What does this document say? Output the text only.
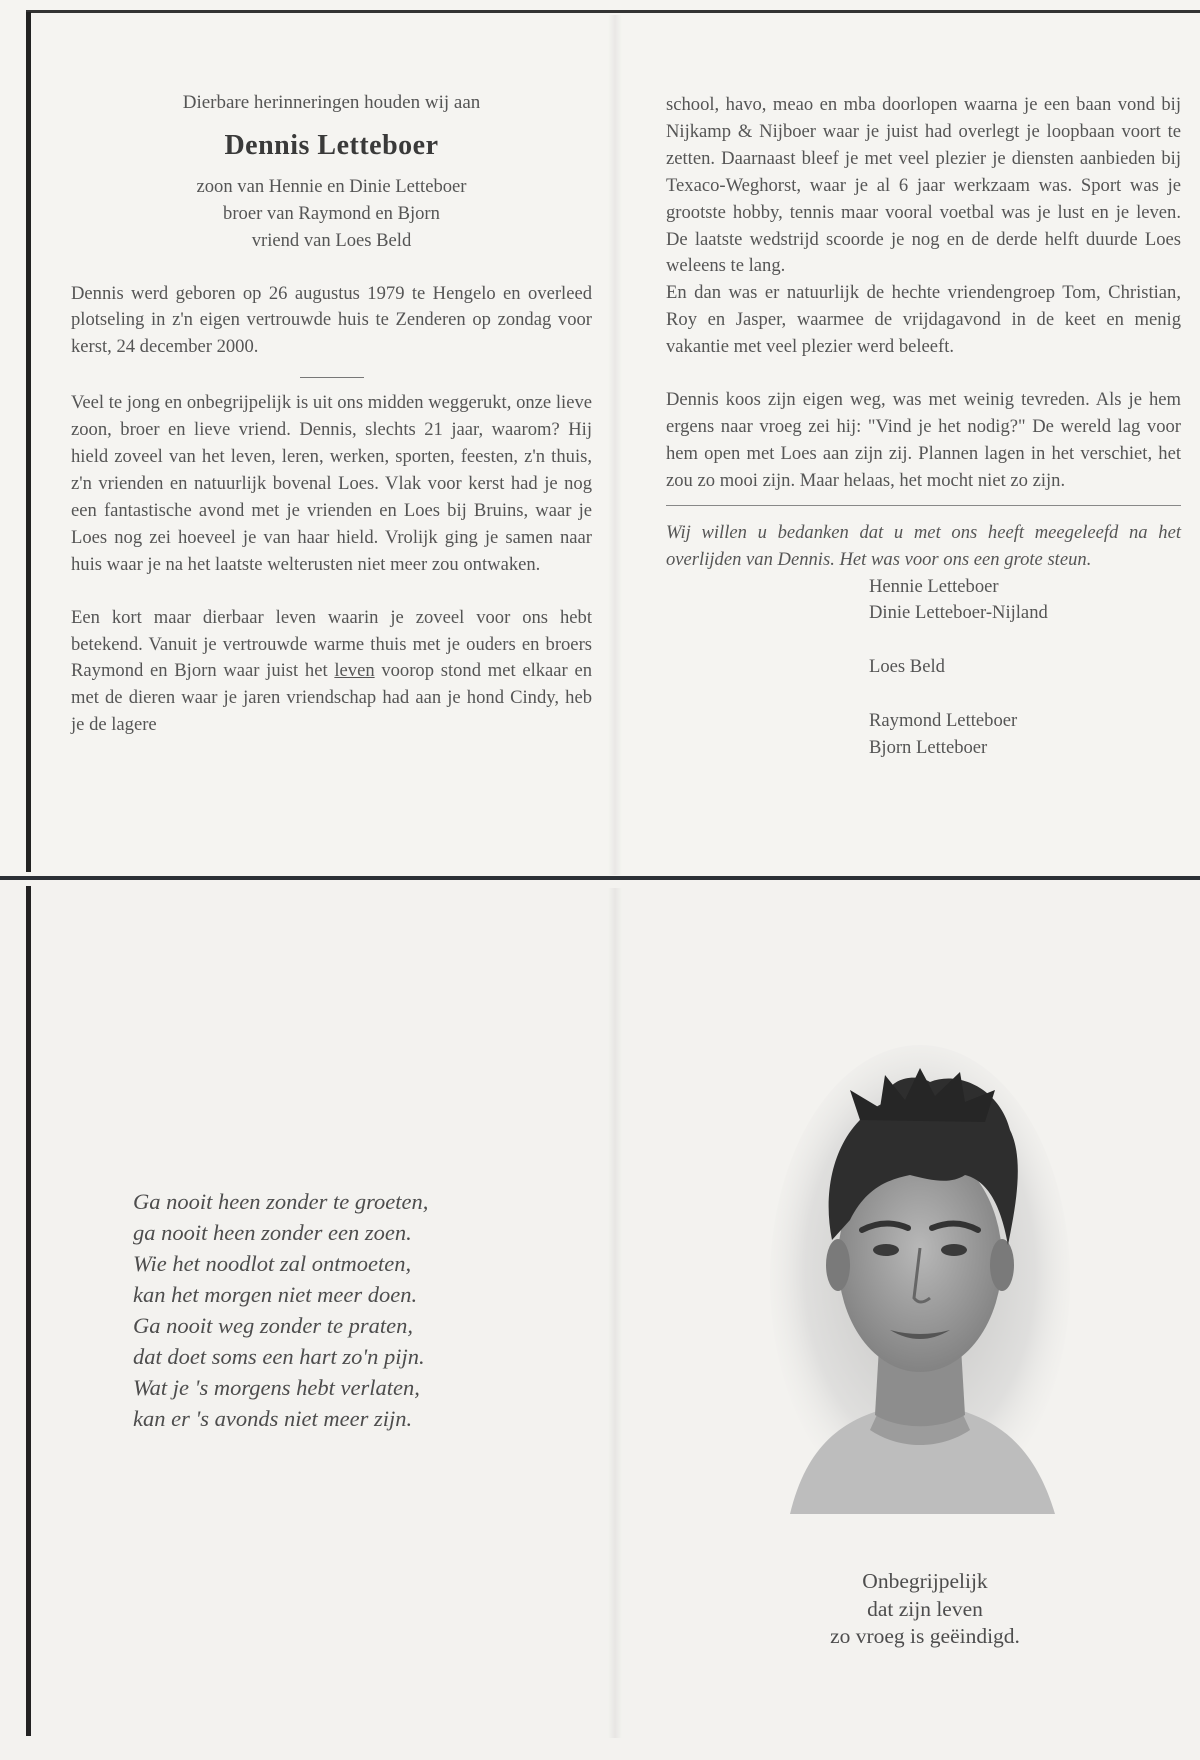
Dierbare herinneringen houden wij aan

Dennis Letteboer

zoon van Hennie en Dinie Letteboer

broer van Raymond en Bjorn

vriend van Loes Beld

Dennis werd geboren op 26 augustus 1979 te Hengelo en overleed plotseling in z'n eigen vertrouwde huis te Zenderen op zondag voor kerst, 24 december 2000.

Veel te jong en onbegrijpelijk is uit ons midden weggerukt, onze lieve zoon, broer en lieve vriend. Dennis, slechts 21 jaar, waarom? Hij hield zoveel van het leven, leren, werken, sporten, feesten, z'n thuis, z'n vrienden en natuurlijk bovenal Loes. Vlak voor kerst had je nog een fantastische avond met je vrienden en Loes bij Bruins, waar je Loes nog zei hoeveel je van haar hield. Vrolijk ging je samen naar huis waar je na het laatste welterusten niet meer zou ontwaken.

Een kort maar dierbaar leven waarin je zoveel voor ons hebt betekend. Vanuit je vertrouwde warme thuis met je ouders en broers Raymond en Bjorn waar juist het leven voorop stond met elkaar en met de dieren waar je jaren vriendschap had aan je hond Cindy, heb je de lagere

school, havo, meao en mba doorlopen waarna je een baan vond bij Nijkamp & Nijboer waar je juist had overlegt je loopbaan voort te zetten. Daarnaast bleef je met veel plezier je diensten aanbieden bij Texaco-Weghorst, waar je al 6 jaar werkzaam was. Sport was je grootste hobby, tennis maar vooral voetbal was je lust en je leven. De laatste wedstrijd scoorde je nog en de derde helft duurde Loes weleens te lang.

En dan was er natuurlijk de hechte vriendengroep Tom, Christian, Roy en Jasper, waarmee de vrijdagavond in de keet en menig vakantie met veel plezier werd beleeft.

Dennis koos zijn eigen weg, was met weinig tevreden. Als je hem ergens naar vroeg zei hij: "Vind je het nodig?" De wereld lag voor hem open met Loes aan zijn zij. Plannen lagen in het verschiet, het zou zo mooi zijn. Maar helaas, het mocht niet zo zijn.

Wij willen u bedanken dat u met ons heeft meegeleefd na het overlijden van Dennis. Het was voor ons een grote steun.

Hennie Letteboer

Dinie Letteboer-Nijland

Loes Beld

Raymond Letteboer

Bjorn Letteboer

Ga nooit heen zonder te groeten,

ga nooit heen zonder een zoen.

Wie het noodlot zal ontmoeten,

kan het morgen niet meer doen.

Ga nooit weg zonder te praten,

dat doet soms een hart zo'n pijn.

Wat je 's morgens hebt verlaten,

kan er 's avonds niet meer zijn.

Onbegrijpelijk

dat zijn leven

zo vroeg is geëindigd.
